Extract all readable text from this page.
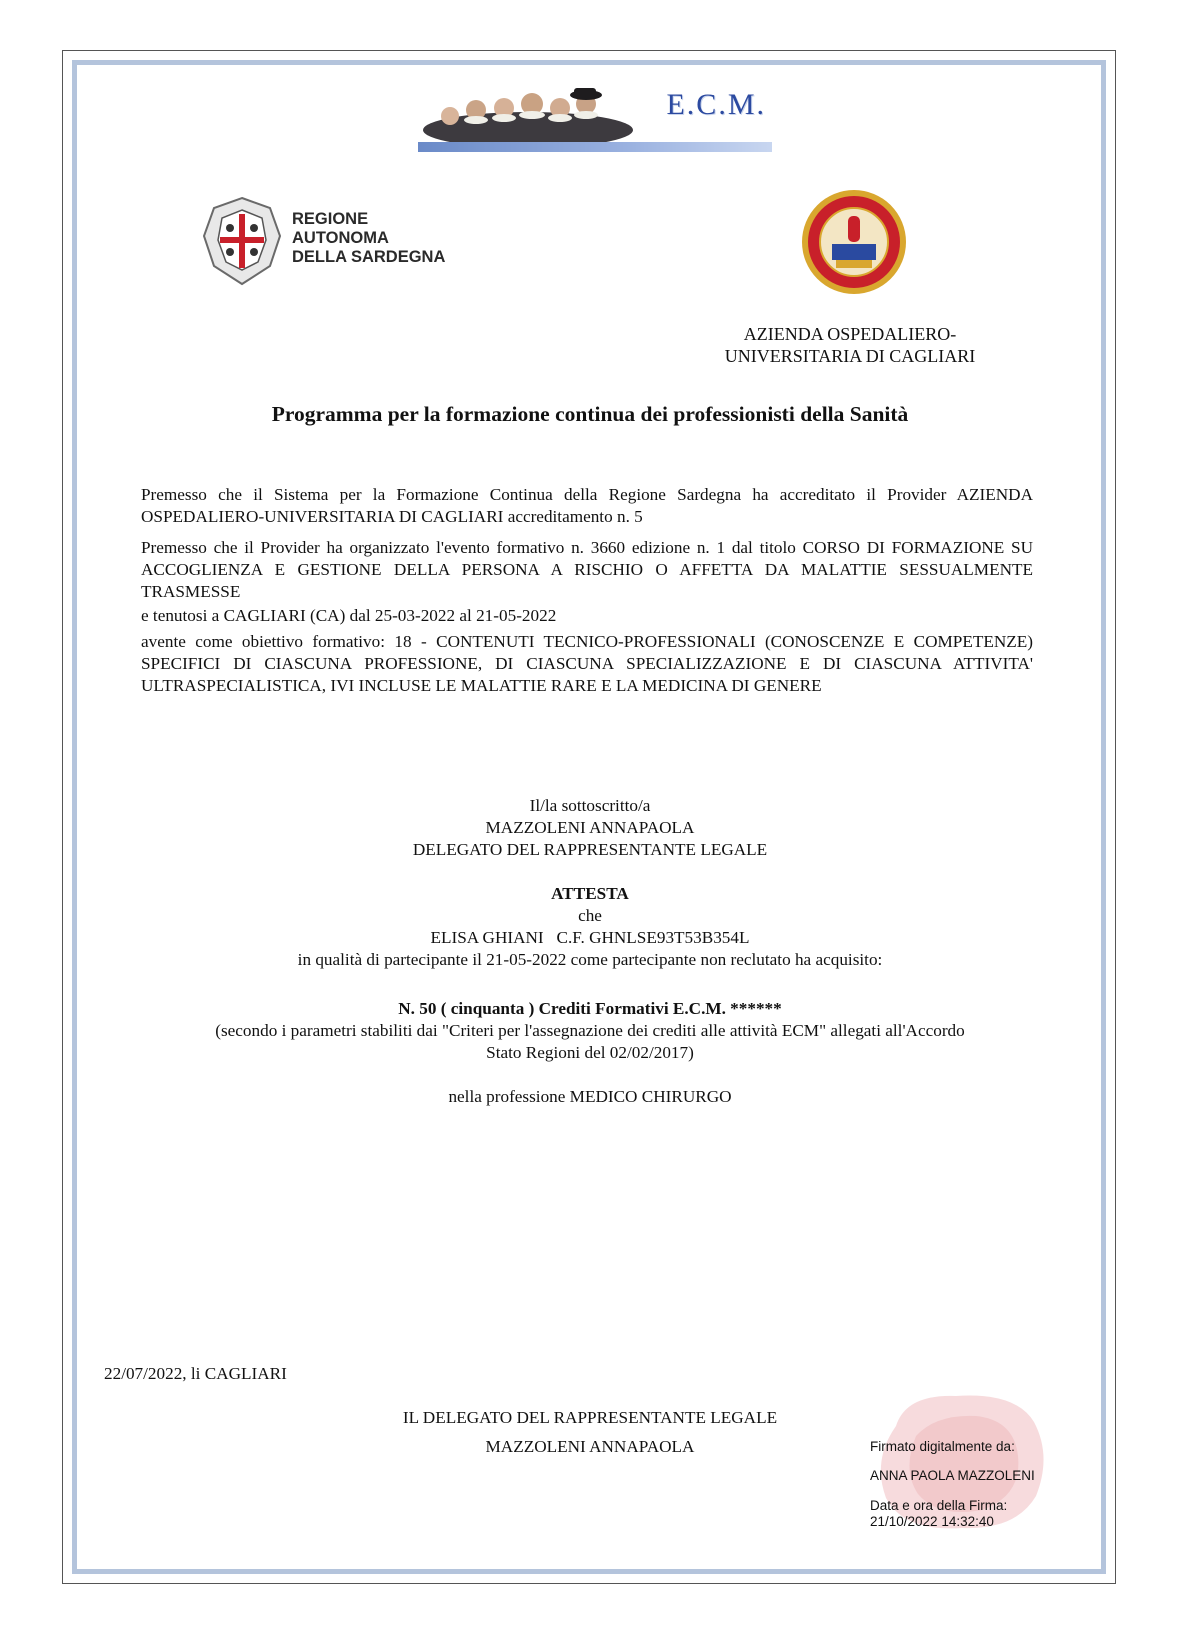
E.C.M.
REGIONE
AUTONOMA
DELLA SARDEGNA
AZIENDA OSPEDALIERO-
UNIVERSITARIA DI CAGLIARI
Programma per la formazione continua dei professionisti della Sanità
Premesso che il Sistema per la Formazione Continua della Regione Sardegna ha accreditato il Provider AZIENDA OSPEDALIERO-UNIVERSITARIA DI CAGLIARI accreditamento n. 5
Premesso che il Provider ha organizzato l'evento formativo n. 3660 edizione n. 1 dal titolo CORSO DI FORMAZIONE SU ACCOGLIENZA E GESTIONE DELLA PERSONA A RISCHIO O AFFETTA DA MALATTIE SESSUALMENTE TRASMESSE
e tenutosi a CAGLIARI (CA) dal 25-03-2022 al 21-05-2022
avente come obiettivo formativo: 18 - CONTENUTI TECNICO-PROFESSIONALI (CONOSCENZE E COMPETENZE) SPECIFICI DI CIASCUNA PROFESSIONE, DI CIASCUNA SPECIALIZZAZIONE E DI CIASCUNA ATTIVITA' ULTRASPECIALISTICA, IVI INCLUSE LE MALATTIE RARE E LA MEDICINA DI GENERE
Il/la sottoscritto/a
MAZZOLENI ANNAPAOLA
DELEGATO DEL RAPPRESENTANTE LEGALE
ATTESTA
che
ELISA GHIANI   C.F. GHNLSE93T53B354L
in qualità di partecipante il 21-05-2022 come partecipante non reclutato ha acquisito:
N. 50 ( cinquanta ) Crediti Formativi E.C.M. ******
(secondo i parametri stabiliti dai "Criteri per l'assegnazione dei crediti alle attività ECM" allegati all'Accordo
Stato Regioni del 02/02/2017)
nella professione MEDICO CHIRURGO
22/07/2022, li CAGLIARI
IL DELEGATO DEL RAPPRESENTANTE LEGALE
MAZZOLENI ANNAPAOLA	Firmato digitalmente da:
ANNA PAOLA MAZZOLENI
Data e ora della Firma:
21/10/2022 14:32:40
